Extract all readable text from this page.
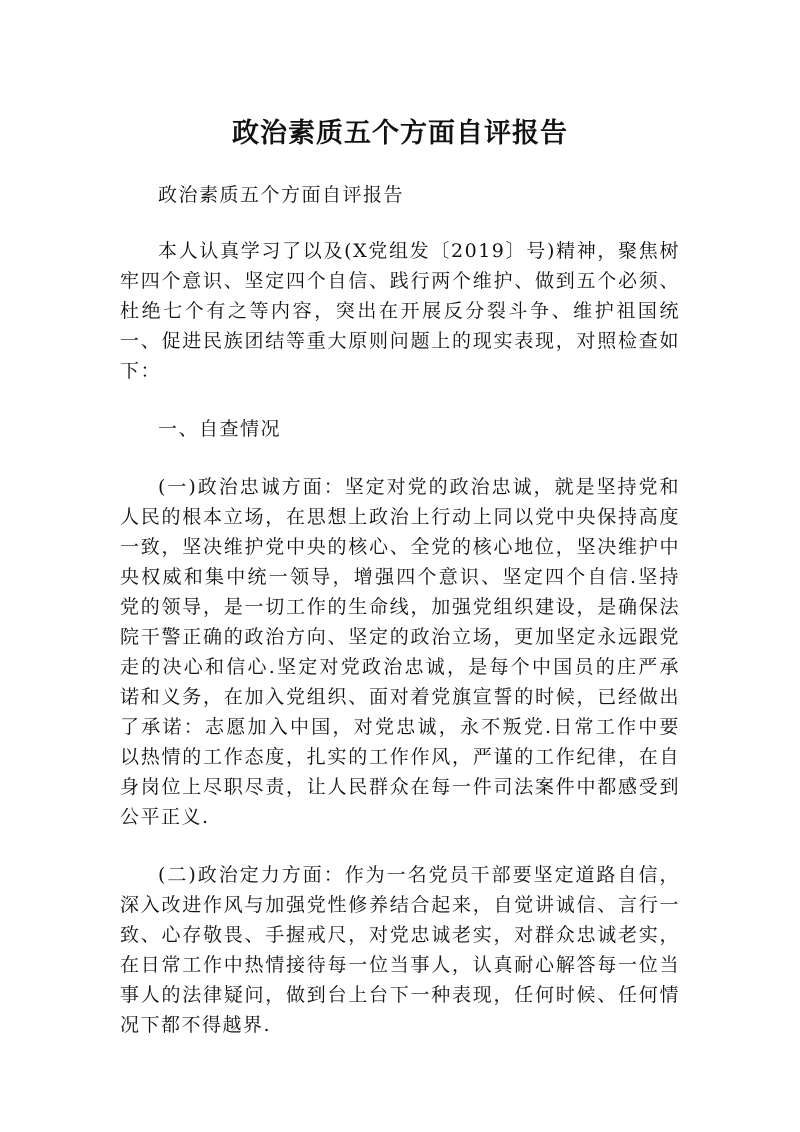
政治素质五个方面自评报告

政治素质五个方面自评报告

本人认真学习了以及(X党组发〔2019〕号)精神，聚焦树牢四个意识、坚定四个自信、践行两个维护、做到五个必须、杜绝七个有之等内容，突出在开展反分裂斗争、维护祖国统一、促进民族团结等重大原则问题上的现实表现，对照检查如下：

一、自查情况

(一)政治忠诚方面：坚定对党的政治忠诚，就是坚持党和人民的根本立场，在思想上政治上行动上同以党中央保持高度一致，坚决维护党中央的核心、全党的核心地位，坚决维护中央权威和集中统一领导，增强四个意识、坚定四个自信.坚持党的领导，是一切工作的生命线，加强党组织建设，是确保法院干警正确的政治方向、坚定的政治立场，更加坚定永远跟党走的决心和信心.坚定对党政治忠诚，是每个中国员的庄严承诺和义务，在加入党组织、面对着党旗宣誓的时候，已经做出了承诺：志愿加入中国，对党忠诚，永不叛党.日常工作中要以热情的工作态度，扎实的工作作风，严谨的工作纪律，在自身岗位上尽职尽责，让人民群众在每一件司法案件中都感受到公平正义.

(二)政治定力方面：作为一名党员干部要坚定道路自信，深入改进作风与加强党性修养结合起来，自觉讲诚信、言行一致、心存敬畏、手握戒尺，对党忠诚老实，对群众忠诚老实，在日常工作中热情接待每一位当事人，认真耐心解答每一位当事人的法律疑问，做到台上台下一种表现，任何时候、任何情况下都不得越界.
